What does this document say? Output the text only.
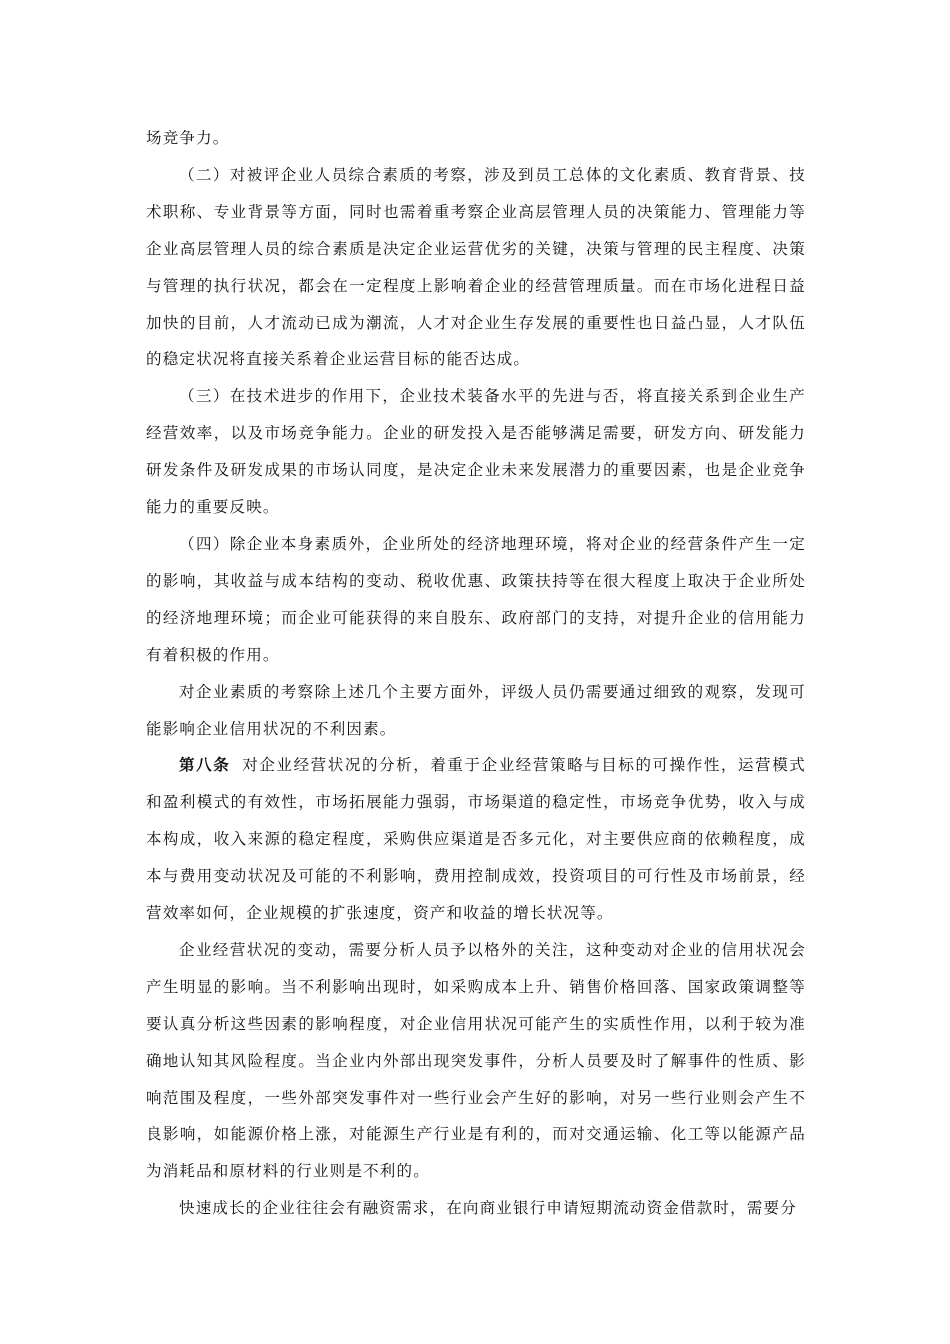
场竞争力。

（二）对被评企业人员综合素质的考察，涉及到员工总体的文化素质、教育背景、技术职称、专业背景等方面，同时也需着重考察企业高层管理人员的决策能力、管理能力等企业高层管理人员的综合素质是决定企业运营优劣的关键，决策与管理的民主程度、决策与管理的执行状况，都会在一定程度上影响着企业的经营管理质量。而在市场化进程日益加快的目前，人才流动已成为潮流，人才对企业生存发展的重要性也日益凸显，人才队伍的稳定状况将直接关系着企业运营目标的能否达成。

（三）在技术进步的作用下，企业技术装备水平的先进与否，将直接关系到企业生产经营效率，以及市场竞争能力。企业的研发投入是否能够满足需要，研发方向、研发能力研发条件及研发成果的市场认同度，是决定企业未来发展潜力的重要因素，也是企业竞争能力的重要反映。

（四）除企业本身素质外，企业所处的经济地理环境，将对企业的经营条件产生一定的影响，其收益与成本结构的变动、税收优惠、政策扶持等在很大程度上取决于企业所处的经济地理环境；而企业可能获得的来自股东、政府部门的支持，对提升企业的信用能力有着积极的作用。

对企业素质的考察除上述几个主要方面外，评级人员仍需要通过细致的观察，发现可能影响企业信用状况的不利因素。

第八条 对企业经营状况的分析，着重于企业经营策略与目标的可操作性，运营模式和盈利模式的有效性，市场拓展能力强弱，市场渠道的稳定性，市场竞争优势，收入与成本构成，收入来源的稳定程度，采购供应渠道是否多元化，对主要供应商的依赖程度，成本与费用变动状况及可能的不利影响，费用控制成效，投资项目的可行性及市场前景，经营效率如何，企业规模的扩张速度，资产和收益的增长状况等。

企业经营状况的变动，需要分析人员予以格外的关注，这种变动对企业的信用状况会产生明显的影响。当不利影响出现时，如采购成本上升、销售价格回落、国家政策调整等要认真分析这些因素的影响程度，对企业信用状况可能产生的实质性作用，以利于较为准确地认知其风险程度。当企业内外部出现突发事件，分析人员要及时了解事件的性质、影响范围及程度，一些外部突发事件对一些行业会产生好的影响，对另一些行业则会产生不良影响，如能源价格上涨，对能源生产行业是有利的，而对交通运输、化工等以能源产品为消耗品和原材料的行业则是不利的。

快速成长的企业往往会有融资需求，在向商业银行申请短期流动资金借款时，需要分
